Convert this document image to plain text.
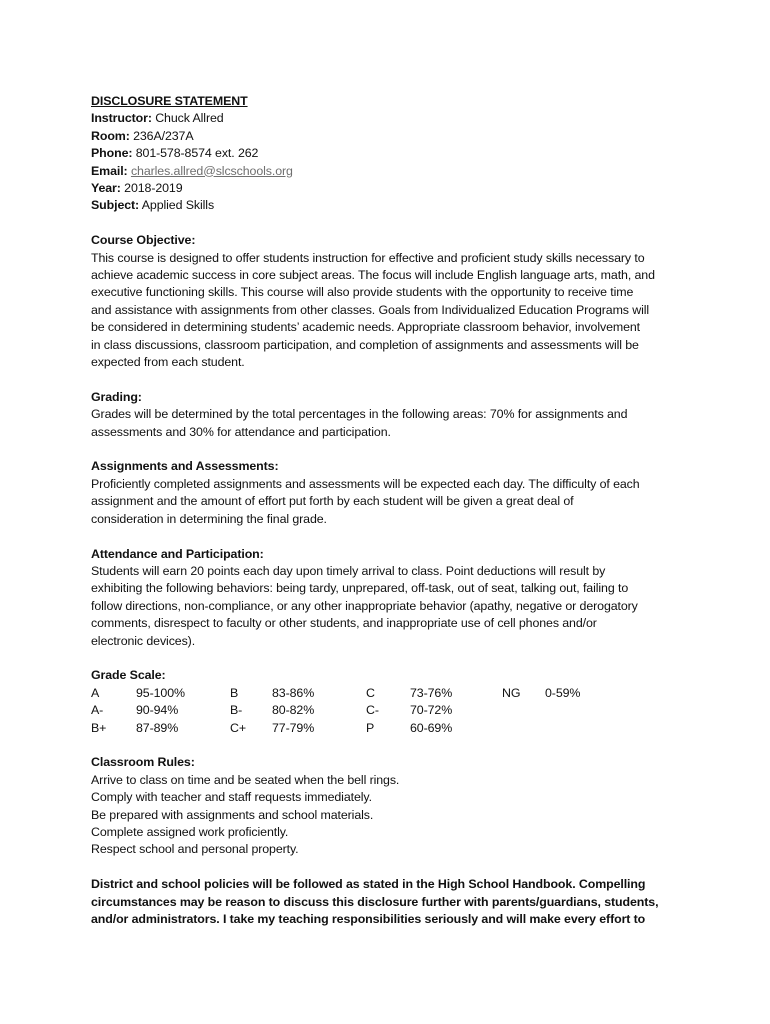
DISCLOSURE STATEMENT
Instructor: Chuck Allred
Room: 236A/237A
Phone: 801-578-8574 ext. 262
Email: charles.allred@slcschools.org
Year: 2018-2019
Subject: Applied Skills
Course Objective:
This course is designed to offer students instruction for effective and proficient study skills necessary to
achieve academic success in core subject areas. The focus will include English language arts, math, and
executive functioning skills. This course will also provide students with the opportunity to receive time
and assistance with assignments from other classes. Goals from Individualized Education Programs will
be considered in determining students’ academic needs. Appropriate classroom behavior, involvement
in class discussions, classroom participation, and completion of assignments and assessments will be
expected from each student.
Grading:
Grades will be determined by the total percentages in the following areas: 70% for assignments and
assessments and 30% for attendance and participation.
Assignments and Assessments:
Proficiently completed assignments and assessments will be expected each day. The difficulty of each
assignment and the amount of effort put forth by each student will be given a great deal of
consideration in determining the final grade.
Attendance and Participation:
Students will earn 20 points each day upon timely arrival to class. Point deductions will result by
exhibiting the following behaviors: being tardy, unprepared, off-task, out of seat, talking out, failing to
follow directions, non-compliance, or any other inappropriate behavior (apathy, negative or derogatory
comments, disrespect to faculty or other students, and inappropriate use of cell phones and/or
electronic devices).
Grade Scale:
A	95-100%	B	83-86%	C	73-76%	NG	0-59%
A-	90-94%	B-	80-82%	C-	70-72%		
B+	87-89%	C+	77-79%	P	60-69%		
Classroom Rules:
Arrive to class on time and be seated when the bell rings.
Comply with teacher and staff requests immediately.
Be prepared with assignments and school materials.
Complete assigned work proficiently.
Respect school and personal property.
District and school policies will be followed as stated in the High School Handbook. Compelling
circumstances may be reason to discuss this disclosure further with parents/guardians, students,
and/or administrators. I take my teaching responsibilities seriously and will make every effort to
